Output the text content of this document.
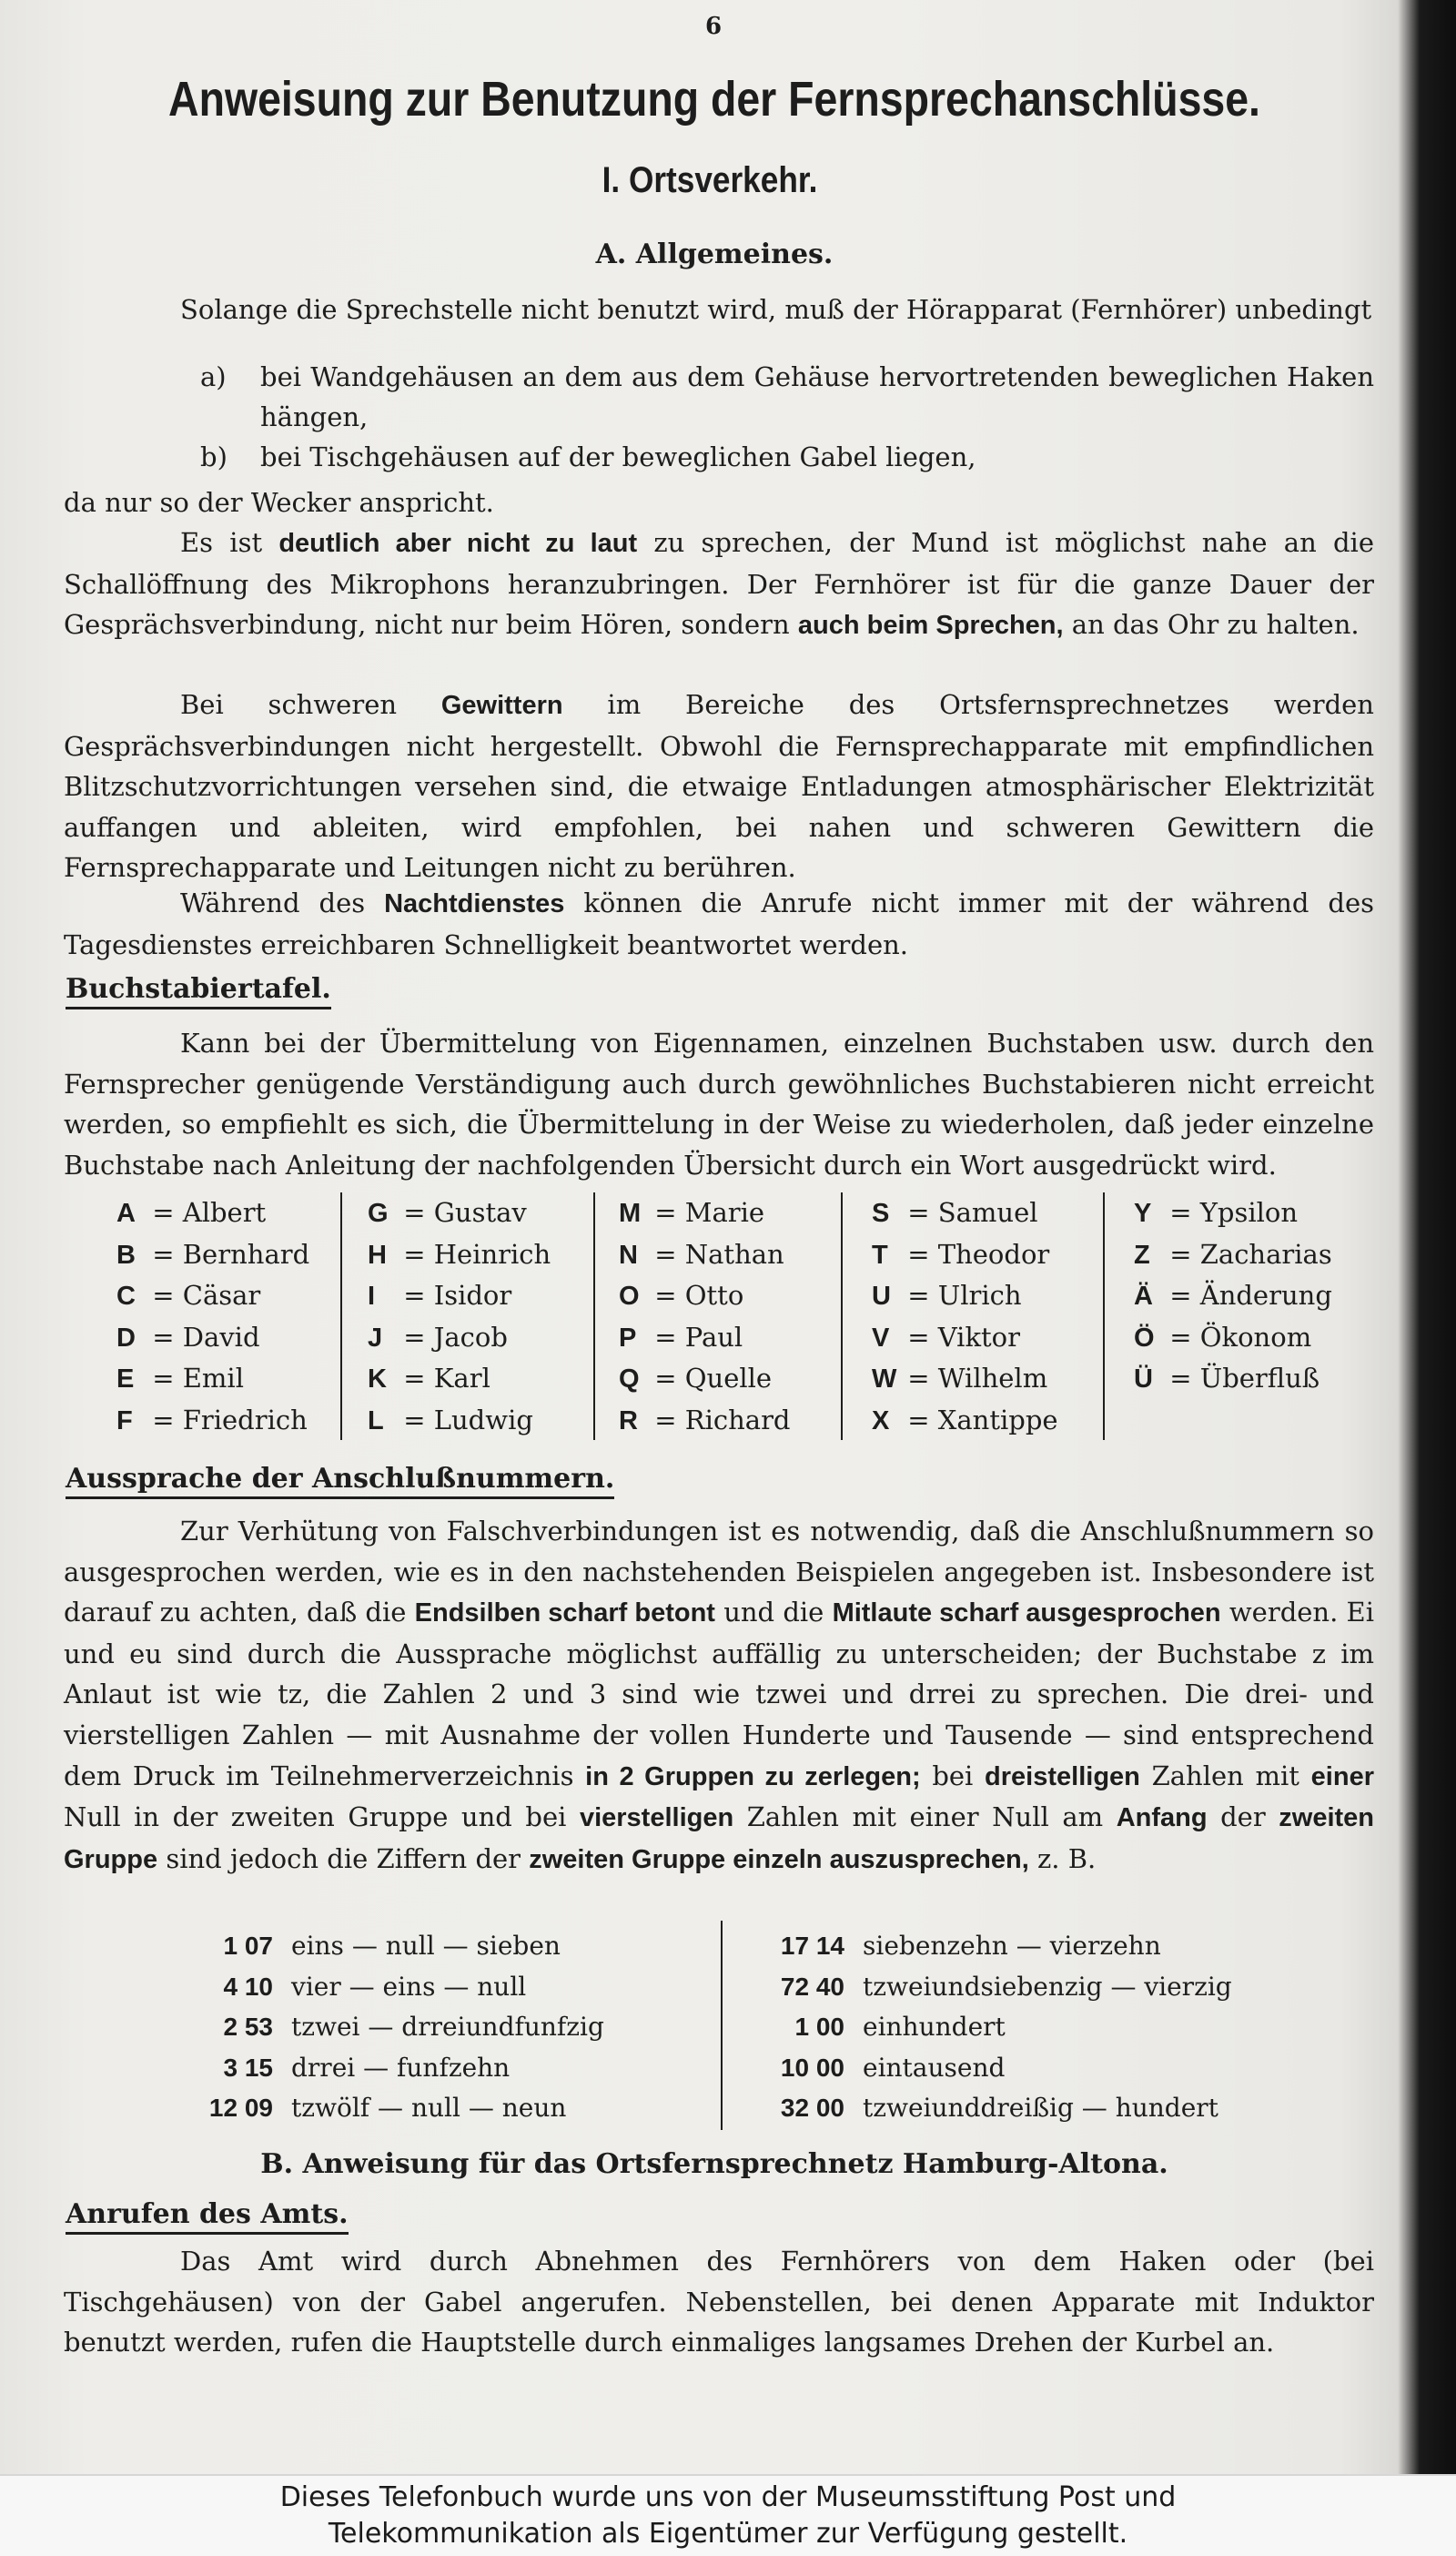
6
Anweisung zur Benutzung der Fernsprechanschlüsse.
I. Ortsverkehr.
A. Allgemeines.
Solange die Sprechstelle nicht benutzt wird, muß der Hörapparat (Fernhörer) unbedingt
a) bei Wandgehäusen an dem aus dem Gehäuse hervortretenden beweglichen Haken hängen,
b) bei Tischgehäusen auf der beweglichen Gabel liegen,
da nur so der Wecker anspricht.
Es ist deutlich aber nicht zu laut zu sprechen, der Mund ist möglichst nahe an die Schallöffnung des Mikrophons heranzubringen. Der Fernhörer ist für die ganze Dauer der Gesprächsverbindung, nicht nur beim Hören, sondern auch beim Sprechen, an das Ohr zu halten.
Bei schweren Gewittern im Bereiche des Ortsfernsprechnetzes werden Gesprächsverbindungen nicht hergestellt. Obwohl die Fernsprechapparate mit empfindlichen Blitzschutzvorrichtungen versehen sind, die etwaige Entladungen atmosphärischer Elektrizität auffangen und ableiten, wird empfohlen, bei nahen und schweren Gewittern die Fernsprechapparate und Leitungen nicht zu berühren.
Während des Nachtdienstes können die Anrufe nicht immer mit der während des Tagesdienstes erreichbaren Schnelligkeit beantwortet werden.
Buchstabiertafel.
Kann bei der Übermittelung von Eigennamen, einzelnen Buchstaben usw. durch den Fernsprecher genügende Verständigung auch durch gewöhnliches Buchstabieren nicht erreicht werden, so empfiehlt es sich, die Übermittelung in der Weise zu wiederholen, daß jeder einzelne Buchstabe nach Anleitung der nachfolgenden Übersicht durch ein Wort ausgedrückt wird.
A = Albert
B = Bernhard
C = Cäsar
D = David
E = Emil
F = Friedrich
G = Gustav
H = Heinrich
I = Isidor
J = Jacob
K = Karl
L = Ludwig
M = Marie
N = Nathan
O = Otto
P = Paul
Q = Quelle
R = Richard
S = Samuel
T = Theodor
U = Ulrich
V = Viktor
W = Wilhelm
X = Xantippe
Y = Ypsilon
Z = Zacharias
Ä = Änderung
Ö = Ökonom
Ü = Überfluß
Aussprache der Anschlußnummern.
Zur Verhütung von Falschverbindungen ist es notwendig, daß die Anschlußnummern so ausgesprochen werden, wie es in den nachstehenden Beispielen angegeben ist. Insbesondere ist darauf zu achten, daß die Endsilben scharf betont und die Mitlaute scharf ausgesprochen werden. Ei und eu sind durch die Aussprache möglichst auffällig zu unterscheiden; der Buchstabe z im Anlaut ist wie tz, die Zahlen 2 und 3 sind wie tzwei und drrei zu sprechen. Die drei- und vierstelligen Zahlen — mit Ausnahme der vollen Hunderte und Tausende — sind entsprechend dem Druck im Teilnehmerverzeichnis in 2 Gruppen zu zerlegen; bei dreistelligen Zahlen mit einer Null in der zweiten Gruppe und bei vierstelligen Zahlen mit einer Null am Anfang der zweiten Gruppe sind jedoch die Ziffern der zweiten Gruppe einzeln auszusprechen, z. B.
1 07 eins — null — sieben
4 10 vier — eins — null
2 53 tzwei — drreiundfunfzig
3 15 drrei — funfzehn
12 09 tzwölf — null — neun
17 14 siebenzehn — vierzehn
72 40 tzweiundsiebenzig — vierzig
1 00 einhundert
10 00 eintausend
32 00 tzweiunddreißig — hundert
B. Anweisung für das Ortsfernsprechnetz Hamburg-Altona.
Anrufen des Amts.
Das Amt wird durch Abnehmen des Fernhörers von dem Haken oder (bei Tischgehäusen) von der Gabel angerufen. Nebenstellen, bei denen Apparate mit Induktor benutzt werden, rufen die Hauptstelle durch einmaliges langsames Drehen der Kurbel an.
Dieses Telefonbuch wurde uns von der Museumsstiftung Post und
Telekommunikation als Eigentümer zur Verfügung gestellt.
